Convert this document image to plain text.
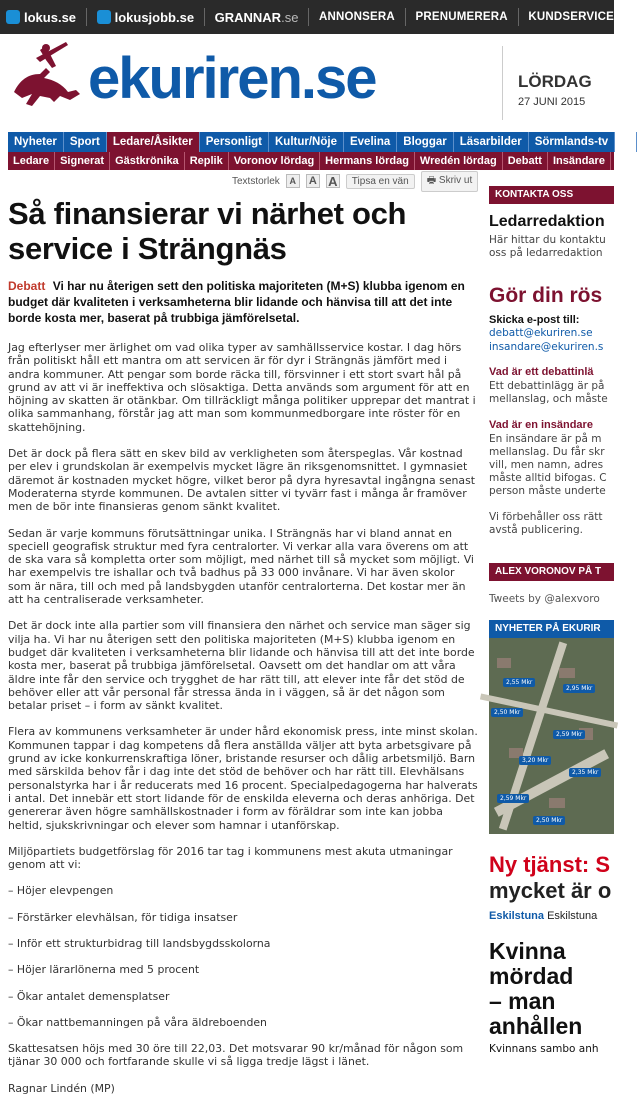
lokus.se	lokusjobb.se GRANNAR.se ANNONSERA PRENUMERERA KUNDSERVICE
ekuriren.se	LÖRDAG
27 JUNI 2015
Nyheter	Sport	Ledare/Åsikter	Personligt	Kultur/Nöje	Evelina	Bloggar	Läsarbilder	Sörmlands-tv	A
Ledare	Signerat	Gästkrönika	Replik	Voronov lördag	Hermans lördag	Wredén lördag	Debatt	Insändare
Textstorlek	A	A A	Tipsa en vän	🖶 Skriv ut
Så finansierar vi närhet och service i Strängnäs
Debatt Vi har nu återigen sett den politiska majoriteten (M+S) klubba igenom en budget där kvaliteten i verksamheterna blir lidande och hänvisa till att det inte borde kosta mer, baserat på trubbiga jämförelsetal.

Jag efterlyser mer ärlighet om vad olika typer av samhällsservice kostar. I dag hörs från politiskt håll ett mantra om att servicen är för dyr i Strängnäs jämfört med i andra kommuner. Att pengar som borde räcka till, försvinner i ett stort svart hål på grund av att vi är ineffektiva och slösaktiga. Detta används som argument för att en höjning av skatten är otänkbar. Om tillräckligt många politiker upprepar det mantrat i olika sammanhang, förstår jag att man som kommunmedborgare inte röster för en skattehöjning.

Det är dock på flera sätt en skev bild av verkligheten som återspeglas. Vår kostnad per elev i grundskolan är exempelvis mycket lägre än riksgenomsnittet. I gymnasiet däremot är kostnaden mycket högre, vilket beror på dyra hyresavtal ingångna senast Moderaterna styrde kommunen. De avtalen sitter vi tyvärr fast i många år framöver men de bör inte finansieras genom sänkt kvalitet.

Sedan är varje kommuns förutsättningar unika. I Strängnäs har vi bland annat en speciell geografisk struktur med fyra centralorter. Vi verkar alla vara överens om att de ska vara så kompletta orter som möjligt, med närhet till så mycket som möjligt. Vi har exempelvis tre ishallar och två badhus på 33 000 invånare. Vi har även skolor som är nära, till och med på landsbygden utanför centralorterna. Det kostar mer än att ha centraliserade verksamheter.

Det är dock inte alla partier som vill finansiera den närhet och service man säger sig vilja ha. Vi har nu återigen sett den politiska majoriteten (M+S) klubba igenom en budget där kvaliteten i verksamheterna blir lidande och hänvisa till att det inte borde kosta mer, baserat på trubbiga jämförelsetal. Oavsett om det handlar om att våra äldre inte får den service och trygghet de har rätt till, att elever inte får det stöd de behöver eller att vår personal får stressa ända in i väggen, så är det någon som betalar priset – i form av sänkt kvalitet.

Flera av kommunens verksamheter är under hård ekonomisk press, inte minst skolan. Kommunen tappar i dag kompetens då flera anställda väljer att byta arbetsgivare på grund av icke konkurrenskraftiga löner, bristande resurser och dålig arbetsmiljö. Barn med särskilda behov får i dag inte det stöd de behöver och har rätt till. Elevhälsans personalstyrka har i år reducerats med 16 procent. Specialpedagogerna har halverats i antal. Det innebär ett stort lidande för de enskilda eleverna och deras anhöriga. Det genererar även högre samhällskostnader i form av föräldrar som inte kan jobba heltid, sjukskrivningar och elever som hamnar i utanförskap.

Miljöpartiets budgetförslag för 2016 tar tag i kommunens mest akuta utmaningar genom att vi:

– Höjer elevpengen

– Förstärker elevhälsan, för tidiga insatser

– Inför ett strukturbidrag till landsbygdsskolorna

– Höjer lärarlönerna med 5 procent

– Ökar antalet demensplatser

– Ökar nattbemanningen på våra äldreboenden

Skattesatsen höjs med 30 öre till 22,03. Det motsvarar 90 kr/månad för någon som tjänar 30 000 och fortfarande skulle vi så ligga tredje lägst i länet.

Ragnar Lindén (MP)

KONTAKTA OSS
Ledarredaktion
Här hittar du kontaktu
oss på ledarredaktion
Gör din rös
Skicka e-post till:
debatt@ekuriren.se
insandare@ekuriren.s
Vad är ett debattinlä
Ett debattinlägg är på
mellanslag, och måste
Vad är en insändare
En insändare är på m
mellanslag. Du får skr
vill, men namn, adres
måste alltid bifogas. C
person måste underte
Vi förbehåller oss rätt
avstå publicering.
ALEX VORONOV PÅ T
Tweets by @alexvoro
NYHETER PÅ EKURIR
2,55 Mkr
2,95 Mkr
2,50 Mkr
2,59 Mkr
3,20 Mkr
2,35 Mkr
2,59 Mkr
2,50 Mkr
Ny tjänst: S
mycket är o
Eskilstuna Eskilstuna
Kvinna
mördad
– man
anhållen
Kvinnans sambo anh
